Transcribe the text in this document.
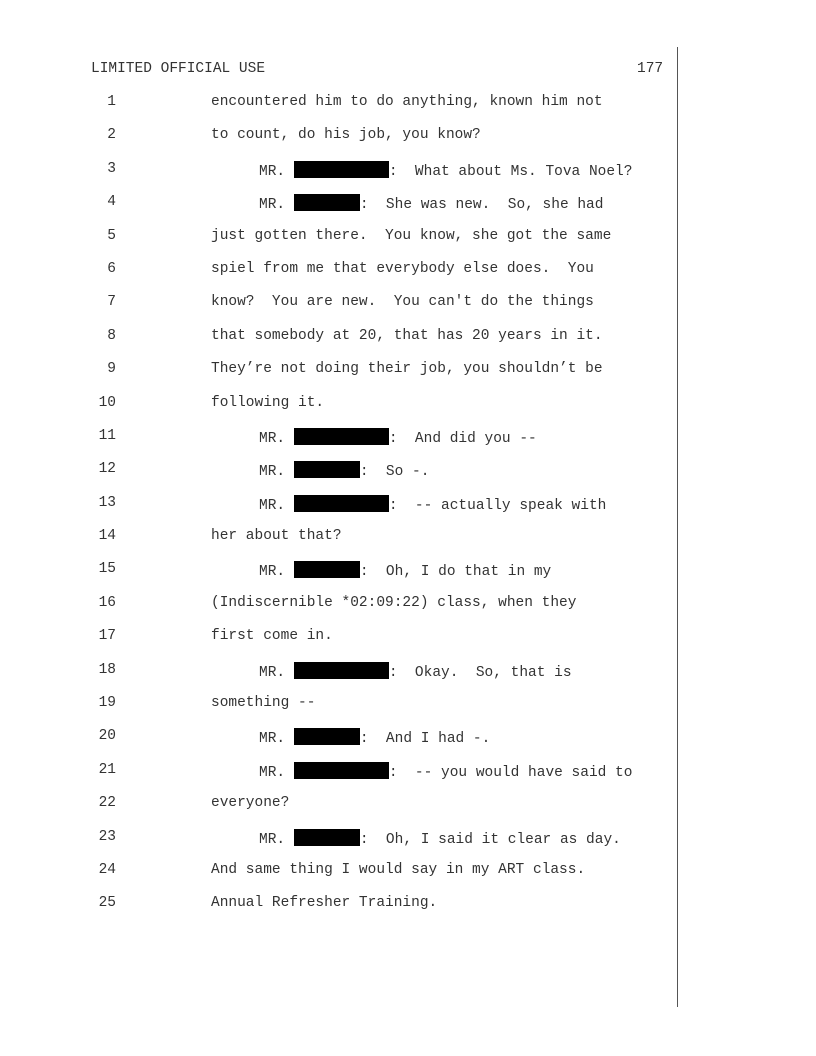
LIMITED OFFICIAL USE	177
1	encountered him to do anything, known him not
2	to count, do his job, you know?
3	MR.	:  What about Ms. Tova Noel?
4	MR.	:  She was new.  So, she had
5	just gotten there.  You know, she got the same
6	spiel from me that everybody else does.  You
7	know?  You are new.  You can't do the things
8	that somebody at 20, that has 20 years in it.
9	They’re not doing their job, you shouldn’t be
10	following it.
11	MR.	:  And did you --
12	MR.	:  So -.
13	MR.	:  -- actually speak with
14	her about that?
15	MR.	:  Oh, I do that in my
16	(Indiscernible *02:09:22) class, when they
17	first come in.
18	MR.	:  Okay.  So, that is
19	something --
20	MR.	:  And I had -.
21	MR.	:  -- you would have said to
22	everyone?
23	MR.	:  Oh, I said it clear as day.
24	And same thing I would say in my ART class.
25	Annual Refresher Training.
